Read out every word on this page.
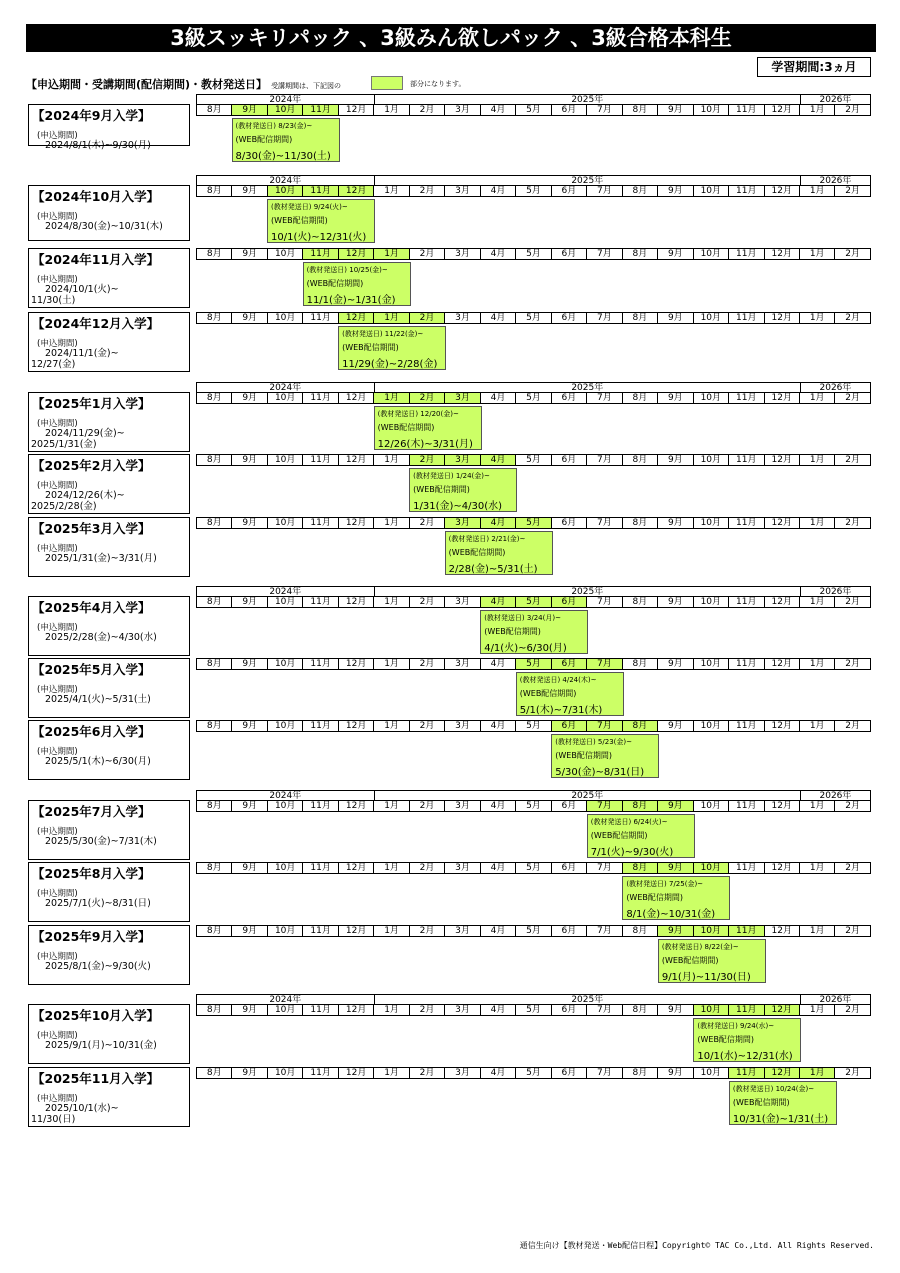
3級スッキリパック 、3級みん欲しパック 、3級合格本科生
学習期間:3ヵ月
【申込期間・受講期間(配信期間)・教材発送日】 受講期間は、下記図の	部分になります。
2024年	2025年	2026年
8月	9月	10月	11月	12月	1月	2月	3月	4月	5月	6月	7月	8月	9月	10月	11月	12月	1月	2月
【2024年9月入学】
(申込期間)
2024/8/1(木)~9/30(月)
(教材発送日) 8/23(金)~
(WEB配信期間)
8/30(金)~11/30(土)
2024年	2025年	2026年
8月	9月	10月	11月	12月	1月	2月	3月	4月	5月	6月	7月	8月	9月	10月	11月	12月	1月	2月
【2024年10月入学】
(申込期間)
2024/8/30(金)~10/31(木)
(教材発送日) 9/24(火)~
(WEB配信期間)
10/1(火)~12/31(火)
8月	9月	10月	11月	12月	1月	2月	3月	4月	5月	6月	7月	8月	9月	10月	11月	12月	1月	2月
【2024年11月入学】
(申込期間)
2024/10/1(火)~
11/30(土)
(教材発送日) 10/25(金)~
(WEB配信期間)
11/1(金)~1/31(金)
8月	9月	10月	11月	12月	1月	2月	3月	4月	5月	6月	7月	8月	9月	10月	11月	12月	1月	2月
【2024年12月入学】
(申込期間)
2024/11/1(金)~
12/27(金)
(教材発送日) 11/22(金)~
(WEB配信期間)
11/29(金)~2/28(金)
2024年	2025年	2026年
8月	9月	10月	11月	12月	1月	2月	3月	4月	5月	6月	7月	8月	9月	10月	11月	12月	1月	2月
【2025年1月入学】
(申込期間)
2024/11/29(金)~
2025/1/31(金)
(教材発送日) 12/20(金)~
(WEB配信期間)
12/26(木)~3/31(月)
8月	9月	10月	11月	12月	1月	2月	3月	4月	5月	6月	7月	8月	9月	10月	11月	12月	1月	2月
【2025年2月入学】
(申込期間)
2024/12/26(木)~
2025/2/28(金)
(教材発送日) 1/24(金)~
(WEB配信期間)
1/31(金)~4/30(水)
8月	9月	10月	11月	12月	1月	2月	3月	4月	5月	6月	7月	8月	9月	10月	11月	12月	1月	2月
【2025年3月入学】
(申込期間)
2025/1/31(金)~3/31(月)
(教材発送日) 2/21(金)~
(WEB配信期間)
2/28(金)~5/31(土)
2024年	2025年	2026年
8月	9月	10月	11月	12月	1月	2月	3月	4月	5月	6月	7月	8月	9月	10月	11月	12月	1月	2月
【2025年4月入学】
(申込期間)
2025/2/28(金)~4/30(水)
(教材発送日) 3/24(月)~
(WEB配信期間)
4/1(火)~6/30(月)
8月	9月	10月	11月	12月	1月	2月	3月	4月	5月	6月	7月	8月	9月	10月	11月	12月	1月	2月
【2025年5月入学】
(申込期間)
2025/4/1(火)~5/31(土)
(教材発送日) 4/24(木)~
(WEB配信期間)
5/1(木)~7/31(木)
8月	9月	10月	11月	12月	1月	2月	3月	4月	5月	6月	7月	8月	9月	10月	11月	12月	1月	2月
【2025年6月入学】
(申込期間)
2025/5/1(木)~6/30(月)
(教材発送日) 5/23(金)~
(WEB配信期間)
5/30(金)~8/31(日)
2024年	2025年	2026年
8月	9月	10月	11月	12月	1月	2月	3月	4月	5月	6月	7月	8月	9月	10月	11月	12月	1月	2月
【2025年7月入学】
(申込期間)
2025/5/30(金)~7/31(木)
(教材発送日) 6/24(火)~
(WEB配信期間)
7/1(火)~9/30(火)
8月	9月	10月	11月	12月	1月	2月	3月	4月	5月	6月	7月	8月	9月	10月	11月	12月	1月	2月
【2025年8月入学】
(申込期間)
2025/7/1(火)~8/31(日)
(教材発送日) 7/25(金)~
(WEB配信期間)
8/1(金)~10/31(金)
8月	9月	10月	11月	12月	1月	2月	3月	4月	5月	6月	7月	8月	9月	10月	11月	12月	1月	2月
【2025年9月入学】
(申込期間)
2025/8/1(金)~9/30(火)
(教材発送日) 8/22(金)~
(WEB配信期間)
9/1(月)~11/30(日)
2024年	2025年	2026年
8月	9月	10月	11月	12月	1月	2月	3月	4月	5月	6月	7月	8月	9月	10月	11月	12月	1月	2月
【2025年10月入学】
(申込期間)
2025/9/1(月)~10/31(金)
(教材発送日) 9/24(水)~
(WEB配信期間)
10/1(水)~12/31(水)
8月	9月	10月	11月	12月	1月	2月	3月	4月	5月	6月	7月	8月	9月	10月	11月	12月	1月	2月
【2025年11月入学】
(申込期間)
2025/10/1(水)~
11/30(日)
(教材発送日) 10/24(金)~
(WEB配信期間)
10/31(金)~1/31(土)
通信生向け【教材発送・Web配信日程】Copyright© TAC Co.,Ltd. All Rights Reserved.
